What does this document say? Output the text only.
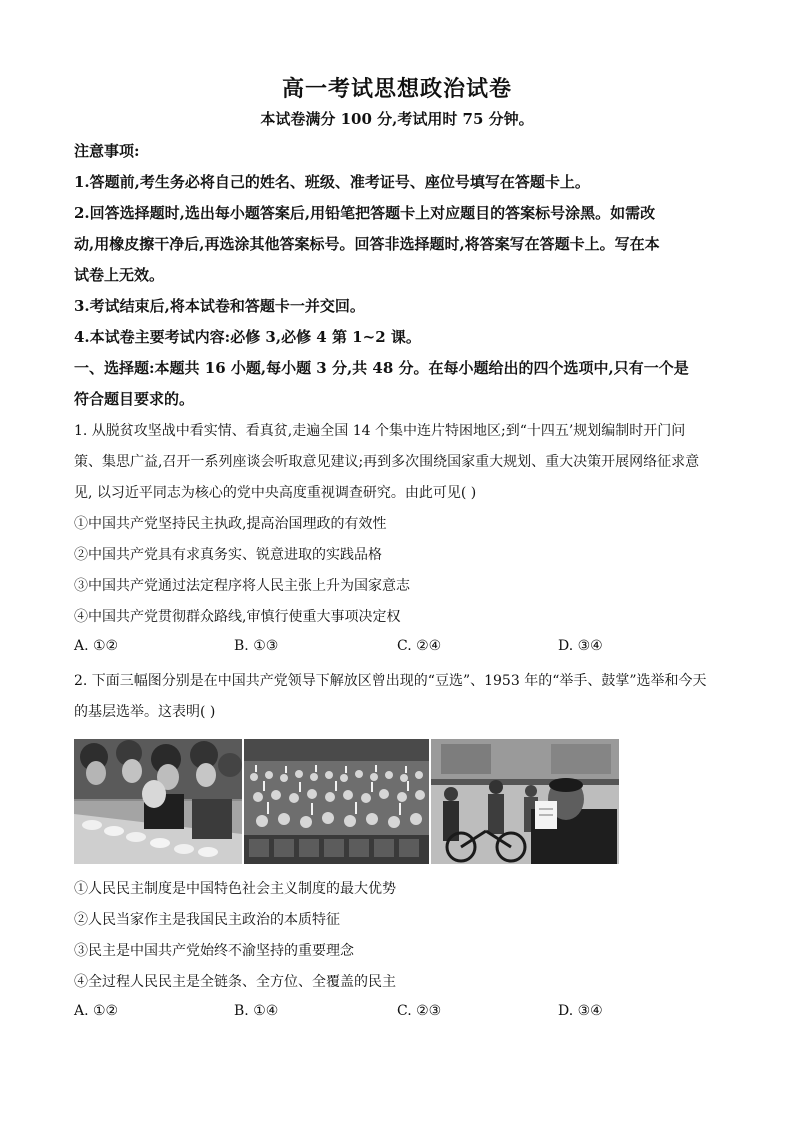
高一考试思想政治试卷
本试卷满分 100 分,考试用时 75 分钟。
注意事项:
1.答题前,考生务必将自己的姓名、班级、准考证号、座位号填写在答题卡上。
2.回答选择题时,选出每小题答案后,用铅笔把答题卡上对应题目的答案标号涂黑。如需改
动,用橡皮擦干净后,再选涂其他答案标号。回答非选择题时,将答案写在答题卡上。写在本
试卷上无效。
3.考试结束后,将本试卷和答题卡一并交回。
4.本试卷主要考试内容:必修 3,必修 4 第 1~2 课。
一、选择题:本题共 16 小题,每小题 3 分,共 48 分。在每小题给出的四个选项中,只有一个是
符合题目要求的。
1. 从脱贫攻坚战中看实情、看真贫,走遍全国 14 个集中连片特困地区;到“十四五’规划编制时开门问
策、集思广益,召开一系列座谈会听取意见建议;再到多次围绕国家重大规划、重大决策开展网络征求意
见, 以习近平同志为核心的党中央高度重视调查研究。由此可见( )
①中国共产党坚持民主执政,提高治国理政的有效性
②中国共产党具有求真务实、锐意进取的实践品格
③中国共产党通过法定程序将人民主张上升为国家意志
④中国共产党贯彻群众路线,审慎行使重大事项决定权
A. ①②	B. ①③	C. ②④	D. ③④
2. 下面三幅图分别是在中国共产党领导下解放区曾出现的“豆选”、1953 年的“举手、鼓掌”选举和今天
的基层选举。这表明( )
①人民民主制度是中国特色社会主义制度的最大优势
②人民当家作主是我国民主政治的本质特征
③民主是中国共产党始终不渝坚持的重要理念
④全过程人民民主是全链条、全方位、全覆盖的民主
A. ①②	B. ①④	C. ②③	D. ③④
